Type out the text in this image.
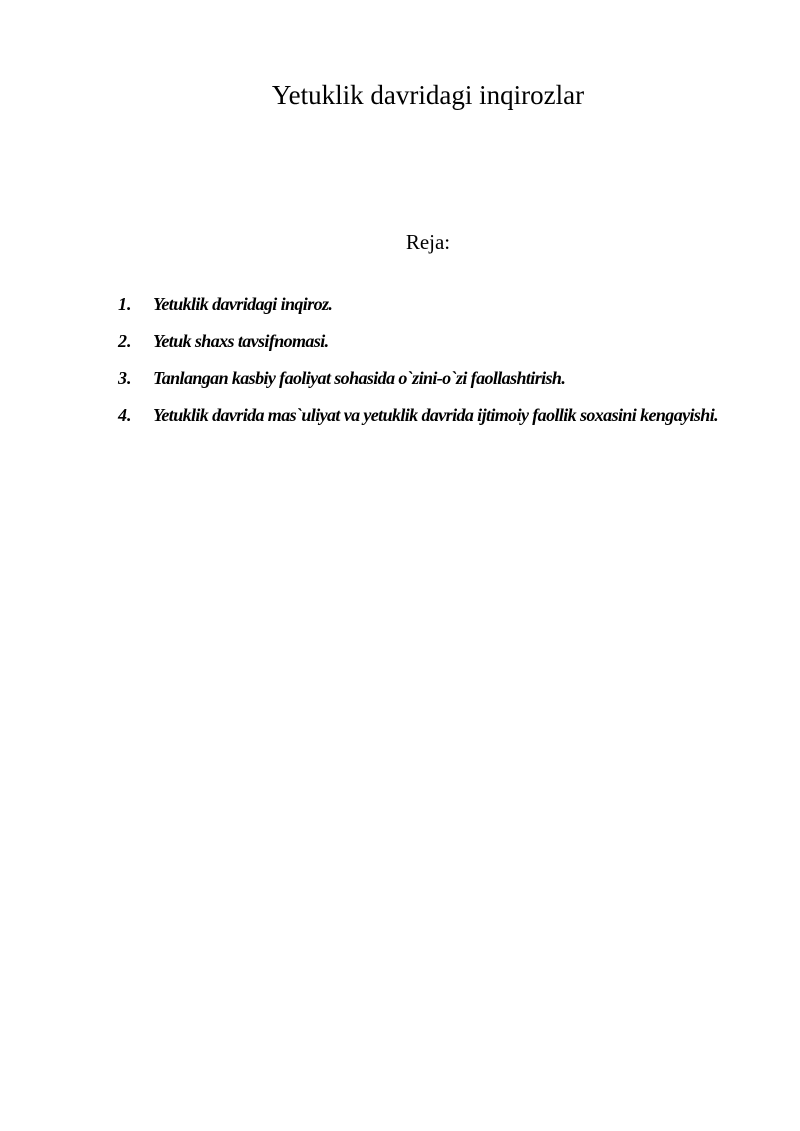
Yetuklik davridagi inqirozlar
Reja:
1. Yetuklik davridagi inqiroz.
2. Yetuk shaxs tavsifnomasi.
3. Tanlangan kasbiy faoliyat sohasida o`zini-o`zi faollashtirish.
4. Yetuklik davrida mas`uliyat va yetuklik davrida ijtimoiy faollik soxasini kengayishi.
